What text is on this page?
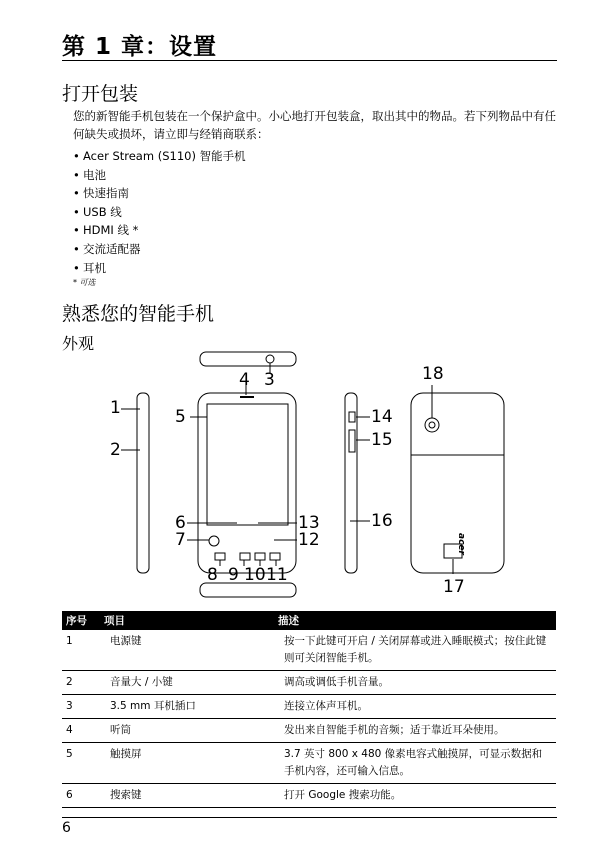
第 1 章：设置
打开包装
您的新智能手机包装在一个保护盒中。小心地打开包装盒，取出其中的物品。若下列物品中有任何缺失或损坏，请立即与经销商联系：
• Acer Stream (S110) 智能手机
• 电池
• 快速指南
• USB 线
• HDMI 线 *
• 交流适配器
• 耳机
* 可选
熟悉您的智能手机
外观
acer
1
2
3
4
5
6
7
8 9 10 11
12
13
14
15
16
17
18
序号	项目	描述
1	电源键	按一下此键可开启 / 关闭屏幕或进入睡眠模式；按住此键则可关闭智能手机。
2	音量大 / 小键	调高或调低手机音量。
3	3.5 mm 耳机插口	连接立体声耳机。
4	听筒	发出来自智能手机的音频；适于靠近耳朵使用。
5	触摸屏	3.7 英寸 800 x 480 像素电容式触摸屏，可显示数据和手机内容，还可输入信息。
6	搜索键	打开 Google 搜索功能。
6
